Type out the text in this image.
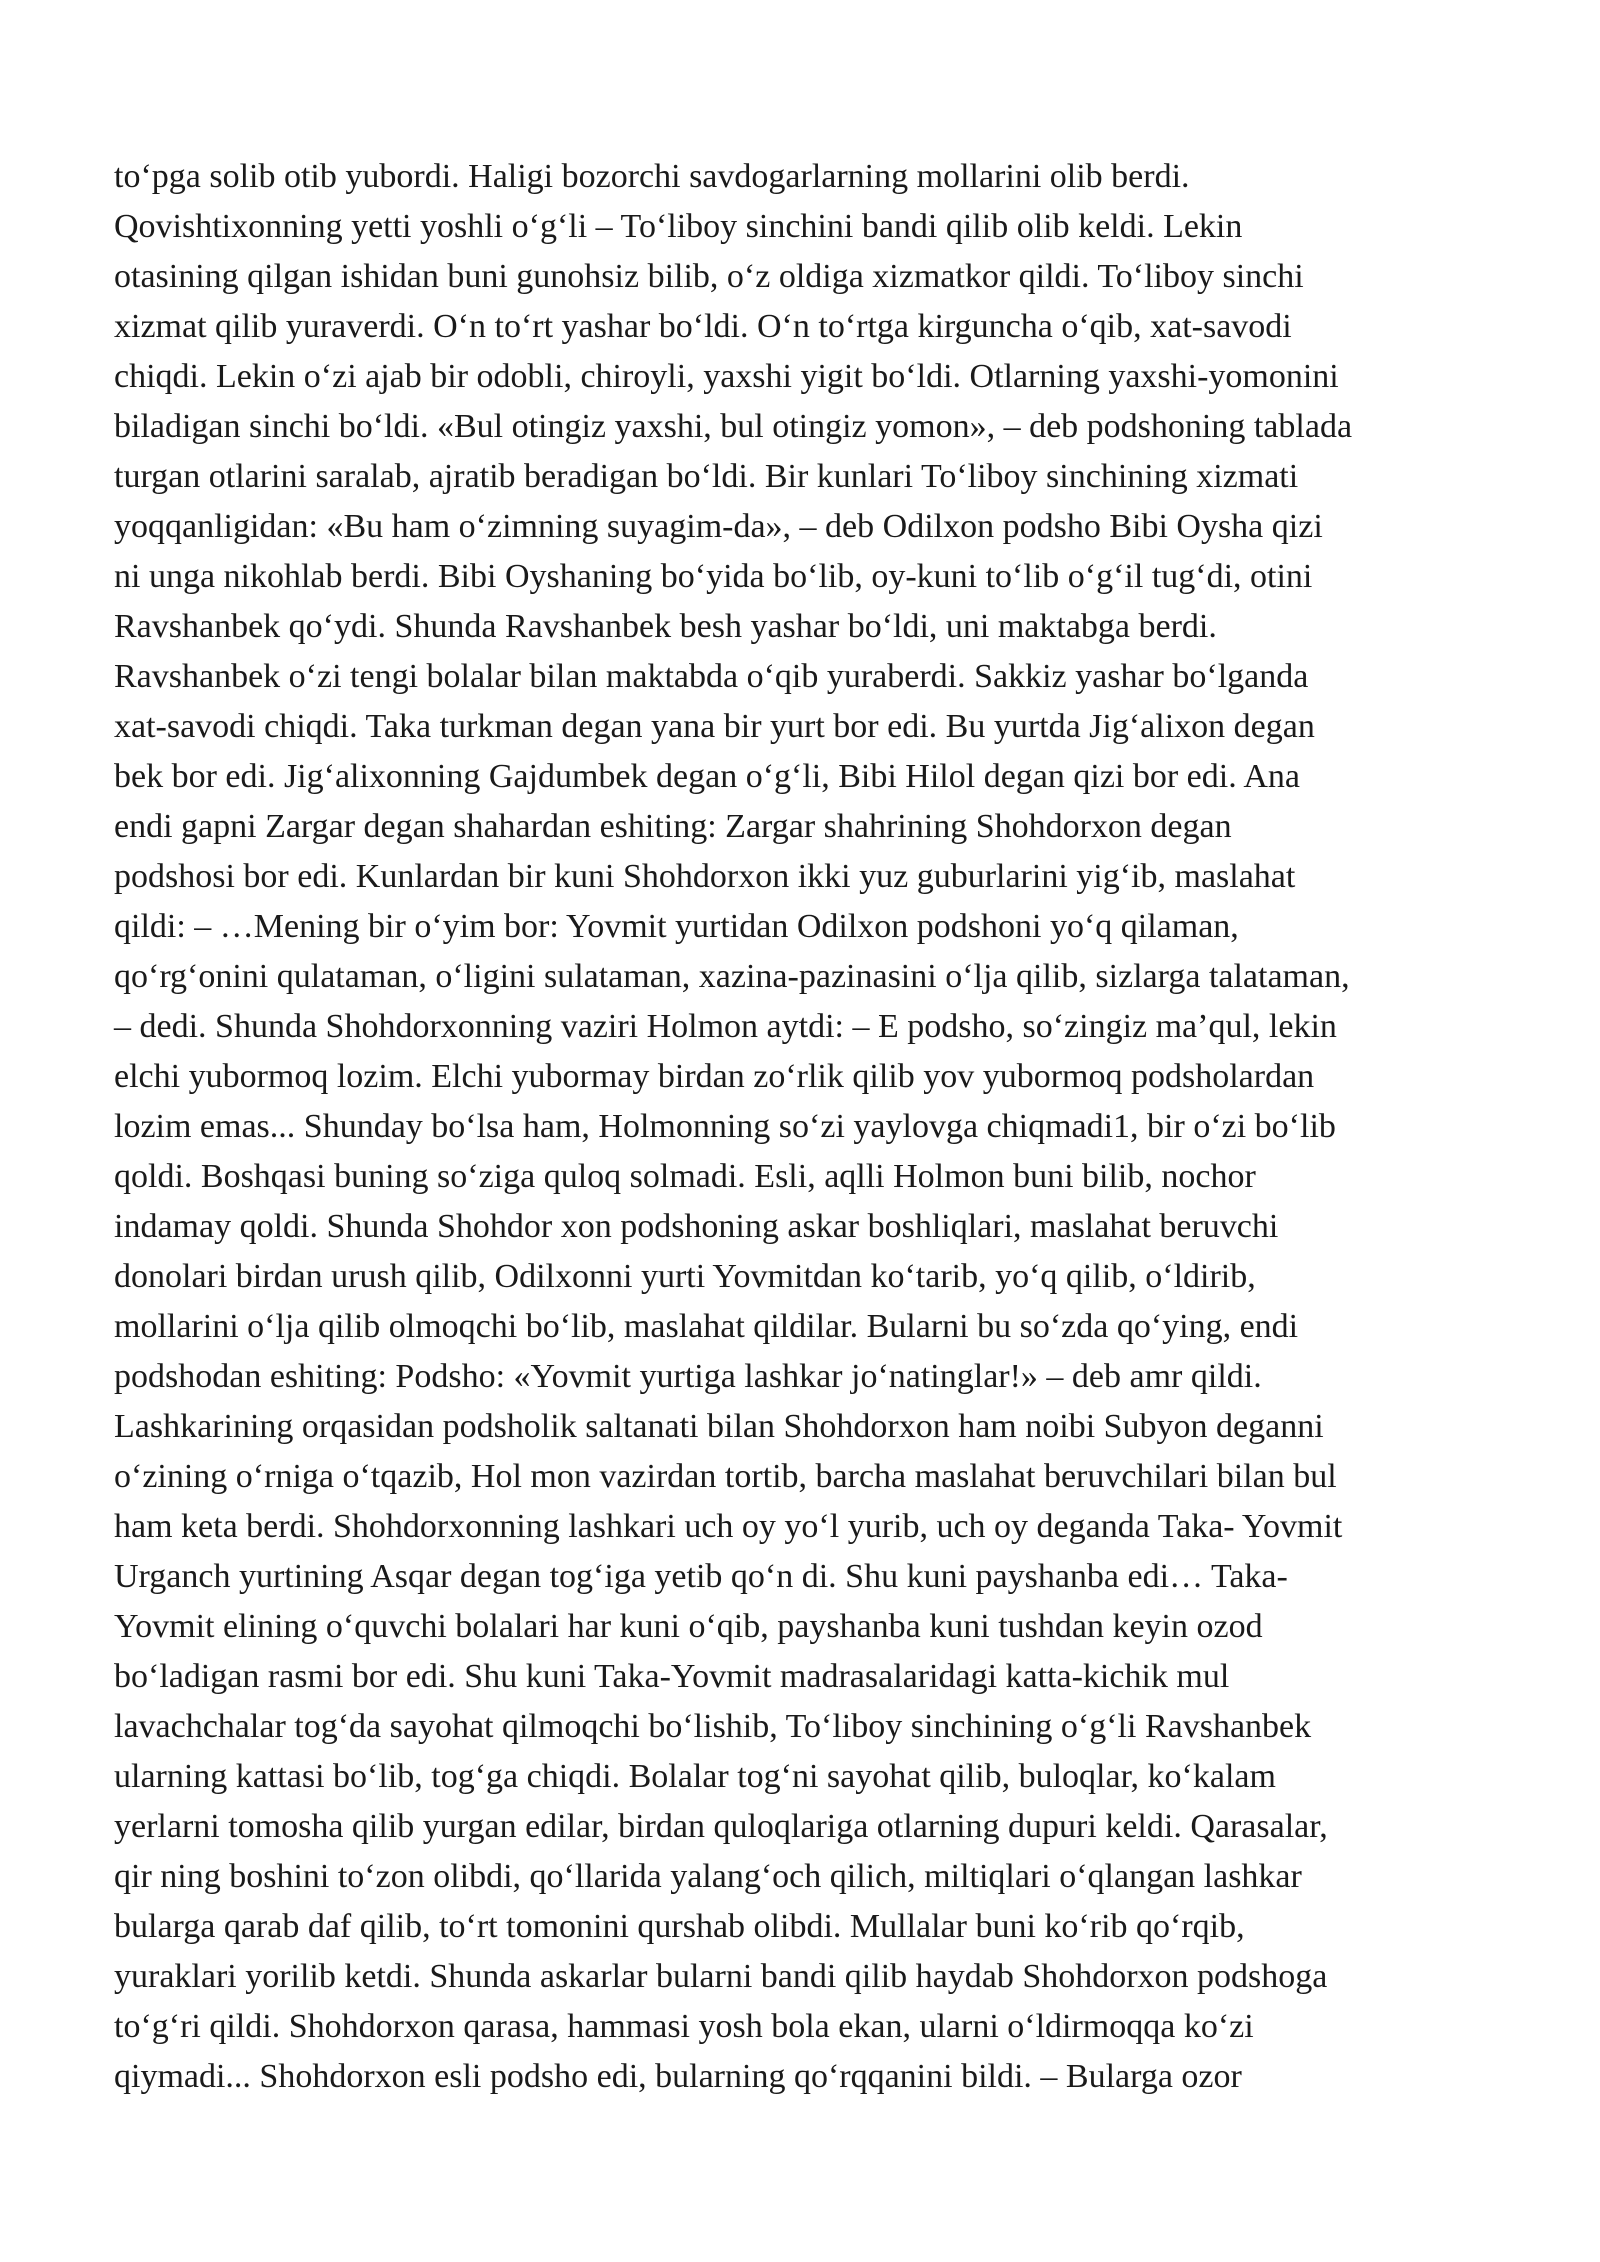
to‘pga solib otib yubordi. Haligi bozorchi savdogarlarning mollarini olib berdi.
Qovishtixonning yetti yoshli o‘g‘li – To‘liboy sinchini bandi qilib olib keldi. Lekin
otasining qilgan ishidan buni gunohsiz bilib, o‘z oldiga xizmatkor qildi. To‘liboy sinchi
xizmat qilib yuraverdi. O‘n to‘rt yashar bo‘ldi. O‘n to‘rtga kirguncha o‘qib, xat-savodi
chiqdi. Lekin o‘zi ajab bir odobli, chiroyli, yaxshi yigit bo‘ldi. Otlarning yaxshi-yomonini
biladigan sinchi bo‘ldi. «Bul otingiz yaxshi, bul otingiz yomon», – deb podshoning tablada
turgan otlarini saralab, ajratib beradigan bo‘ldi. Bir kunlari To‘liboy sinchining xizmati
yoqqanligidan: «Bu ham o‘zimning suyagim-da», – deb Odilxon podsho Bibi Oysha qizi
ni unga nikohlab berdi. Bibi Oyshaning bo‘yida bo‘lib, oy-kuni to‘lib o‘g‘il tug‘di, otini
Ravshanbek qo‘ydi. Shunda Ravshanbek besh yashar bo‘ldi, uni maktabga berdi.
Ravshanbek o‘zi tengi bolalar bilan maktabda o‘qib yuraberdi. Sakkiz yashar bo‘lganda
xat-savodi chiqdi. Taka turkman degan yana bir yurt bor edi. Bu yurtda Jig‘alixon degan
bek bor edi. Jig‘alixonning Gajdumbek degan o‘g‘li, Bibi Hilol degan qizi bor edi. Ana
endi gapni Zargar degan shahardan eshiting: Zargar shahrining Shohdorxon degan
podshosi bor edi. Kunlardan bir kuni Shohdorxon ikki yuz guburlarini yig‘ib, maslahat
qildi: – …Mening bir o‘yim bor: Yovmit yurtidan Odilxon podshoni yo‘q qilaman,
qo‘rg‘onini qulataman, o‘ligini sulataman, xazina-pazinasini o‘lja qilib, sizlarga talataman,
– dedi. Shunda Shohdorxonning vaziri Holmon aytdi: – E podsho, so‘zingiz ma’qul, lekin
elchi yubormoq lozim. Elchi yubormay birdan zo‘rlik qilib yov yubormoq podsholardan
lozim emas... Shunday bo‘lsa ham, Holmonning so‘zi yaylovga chiqmadi1, bir o‘zi bo‘lib
qoldi. Boshqasi buning so‘ziga quloq solmadi. Esli, aqlli Holmon buni bilib, nochor
indamay qoldi. Shunda Shohdor xon podshoning askar boshliqlari, maslahat beruvchi
donolari birdan urush qilib, Odilxonni yurti Yovmitdan ko‘tarib, yo‘q qilib, o‘ldirib,
mollarini o‘lja qilib olmoqchi bo‘lib, maslahat qildilar. Bularni bu so‘zda qo‘ying, endi
podshodan eshiting: Podsho: «Yovmit yurtiga lashkar jo‘natinglar!» – deb amr qildi.
Lashkarining orqasidan podsholik saltanati bilan Shohdorxon ham noibi Subyon deganni
o‘zining o‘rniga o‘tqazib, Hol mon vazirdan tortib, barcha maslahat beruvchilari bilan bul
ham keta berdi. Shohdorxonning lashkari uch oy yo‘l yurib, uch oy deganda Taka- Yovmit
Urganch yurtining Asqar degan tog‘iga yetib qo‘n di. Shu kuni payshanba edi… Taka-
Yovmit elining o‘quvchi bolalari har kuni o‘qib, payshanba kuni tushdan keyin ozod
bo‘ladigan rasmi bor edi. Shu kuni Taka-Yovmit madrasalaridagi katta-kichik mul
lavachchalar tog‘da sayohat qilmoqchi bo‘lishib, To‘liboy sinchining o‘g‘li Ravshanbek
ularning kattasi bo‘lib, tog‘ga chiqdi. Bolalar tog‘ni sayohat qilib, buloqlar, ko‘kalam
yerlarni tomosha qilib yurgan edilar, birdan quloqlariga otlarning dupuri keldi. Qarasalar,
qir ning boshini to‘zon olibdi, qo‘llarida yalang‘och qilich, miltiqlari o‘qlangan lashkar
bularga qarab daf qilib, to‘rt tomonini qurshab olibdi. Mullalar buni ko‘rib qo‘rqib,
yuraklari yorilib ketdi. Shunda askarlar bularni bandi qilib haydab Shohdorxon podshoga
to‘g‘ri qildi. Shohdorxon qarasa, hammasi yosh bola ekan, ularni o‘ldirmoqqa ko‘zi
qiymadi... Shohdorxon esli podsho edi, bularning qo‘rqqanini bildi. – Bularga ozor
